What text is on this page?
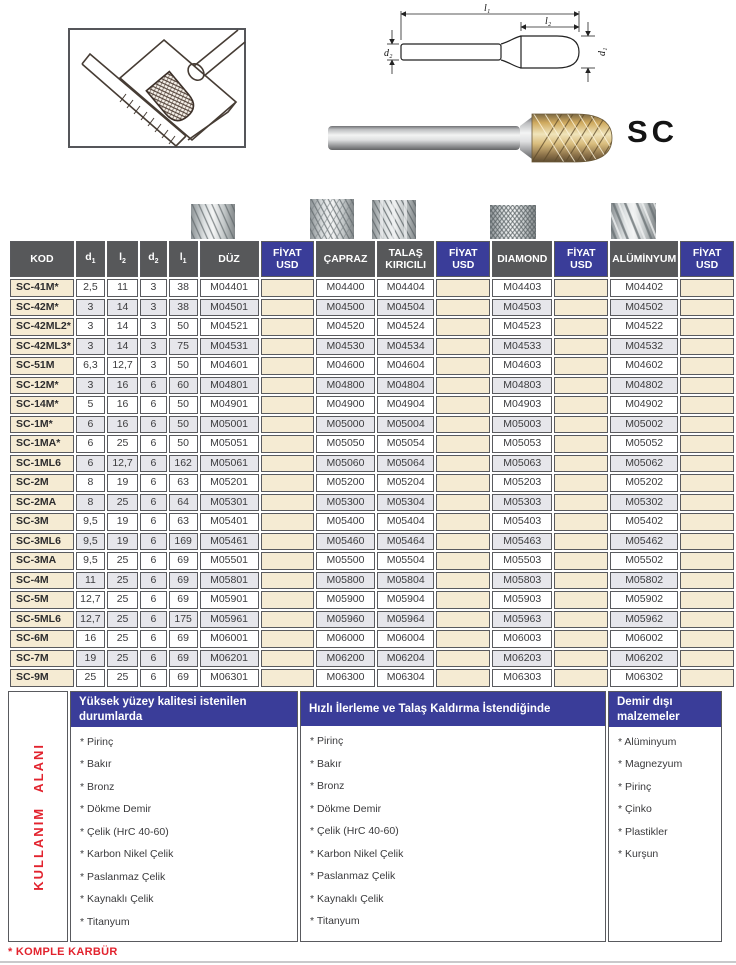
l₁
l₂
d₂	d₁
SC
KOD	$d_1$	$l_2$	$d_2$	$l_1$	DÜZ	FİYAT USD	ÇAPRAZ	TALAŞ KIRICILI	FİYAT USD	DIAMOND	FİYAT USD	ALÜMİNYUM	FİYAT USD
SC-41M*	2,5	11	3	38	M04401		M04400	M04404		M04403		M04402	
SC-42M*	3	14	3	38	M04501		M04500	M04504		M04503		M04502	
SC-42ML2*	3	14	3	50	M04521		M04520	M04524		M04523		M04522	
SC-42ML3*	3	14	3	75	M04531		M04530	M04534		M04533		M04532	
SC-51M	6,3	12,7	3	50	M04601		M04600	M04604		M04603		M04602	
SC-12M*	3	16	6	60	M04801		M04800	M04804		M04803		M04802	
SC-14M*	5	16	6	50	M04901		M04900	M04904		M04903		M04902	
SC-1M*	6	16	6	50	M05001		M05000	M05004		M05003		M05002	
SC-1MA*	6	25	6	50	M05051		M05050	M05054		M05053		M05052	
SC-1ML6	6	12,7	6	162	M05061		M05060	M05064		M05063		M05062	
SC-2M	8	19	6	63	M05201		M05200	M05204		M05203		M05202	
SC-2MA	8	25	6	64	M05301		M05300	M05304		M05303		M05302	
SC-3M	9,5	19	6	63	M05401		M05400	M05404		M05403		M05402	
SC-3ML6	9,5	19	6	169	M05461		M05460	M05464		M05463		M05462	
SC-3MA	9,5	25	6	69	M05501		M05500	M05504		M05503		M05502	
SC-4M	11	25	6	69	M05801		M05800	M05804		M05803		M05802	
SC-5M	12,7	25	6	69	M05901		M05900	M05904		M05903		M05902	
SC-5ML6	12,7	25	6	175	M05961		M05960	M05964		M05963		M05962	
SC-6M	16	25	6	69	M06001		M06000	M06004		M06003		M06002	
SC-7M	19	25	6	69	M06201		M06200	M06204		M06203		M06202	
SC-9M	25	25	6	69	M06301		M06300	M06304		M06303		M06302	
KULLANIM ALANI
Yüksek yüzey kalitesi istenilen durumlarda
* Pirinç
* Bakır
* Bronz
* Dökme Demir
* Çelik (HrC 40-60)
* Karbon Nikel Çelik
* Paslanmaz Çelik
* Kaynaklı Çelik
* Titanyum
Hızlı İlerleme ve Talaş Kaldırma İstendiğinde
* Pirinç
* Bakır
* Bronz
* Dökme Demir
* Çelik (HrC 40-60)
* Karbon Nikel Çelik
* Paslanmaz Çelik
* Kaynaklı Çelik
* Titanyum
Demir dışı malzemeler
* Alüminyum
* Magnezyum
* Pirinç
* Çinko
* Plastikler
* Kurşun
* KOMPLE KARBÜR
